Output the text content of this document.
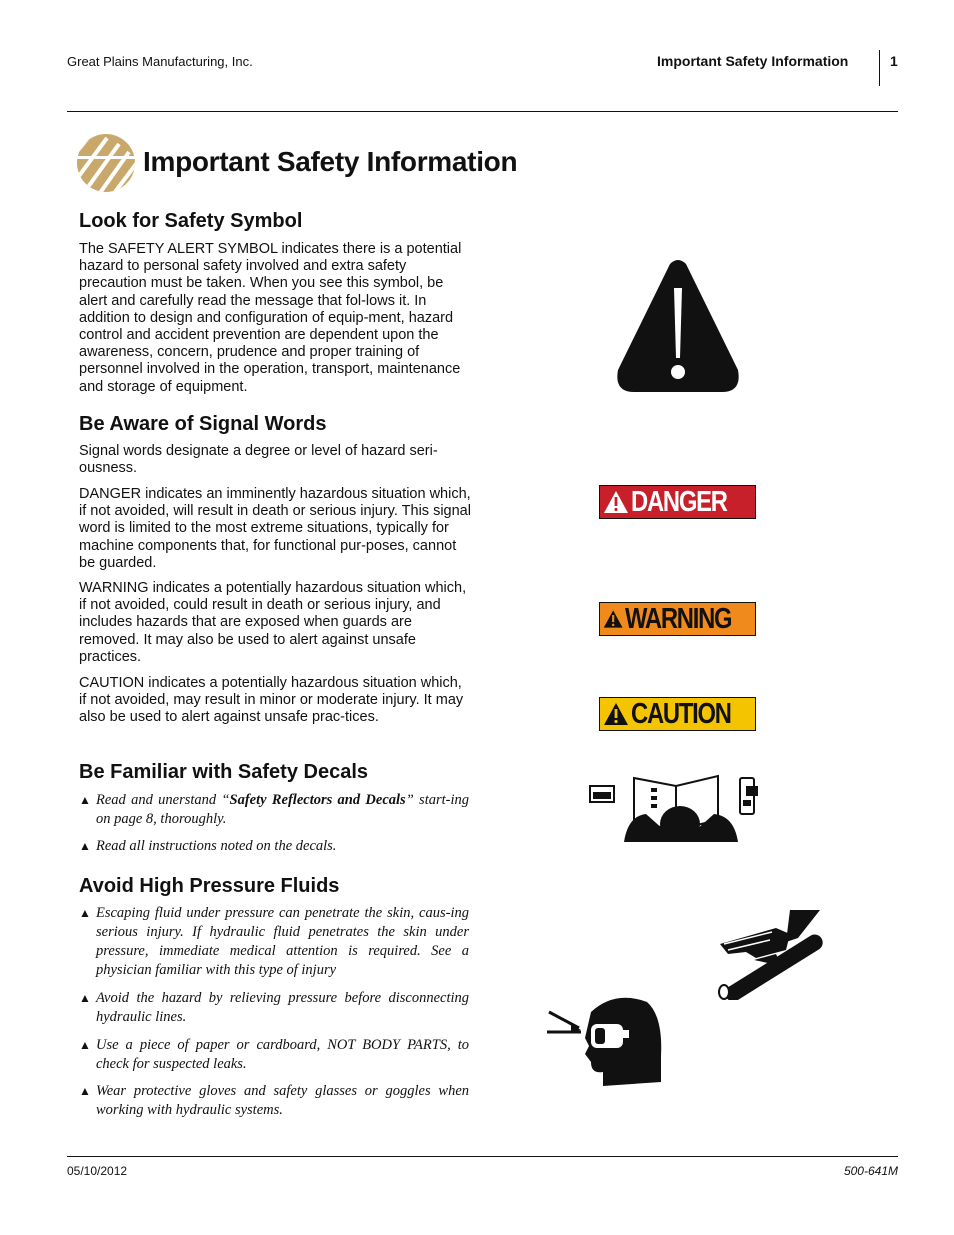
Great Plains Manufacturing, Inc.	Important Safety Information	1
Important Safety Information
Look for Safety Symbol
The SAFETY ALERT SYMBOL indicates there is a potential hazard to personal safety involved and extra safety precaution must be taken. When you see this symbol, be alert and carefully read the message that fol-lows it. In addition to design and configuration of equip-ment, hazard control and accident prevention are dependent upon the awareness, concern, prudence and proper training of personnel involved in the operation, transport, maintenance and storage of equipment.
Be Aware of Signal Words
Signal words designate a degree or level of hazard seri-ousness.
DANGER indicates an imminently hazardous situation which, if not avoided, will result in death or serious injury. This signal word is limited to the most extreme situations, typically for machine components that, for functional pur-poses, cannot be guarded.
WARNING indicates a potentially hazardous situation which, if not avoided, could result in death or serious injury, and includes hazards that are exposed when guards are removed. It may also be used to alert against unsafe practices.
CAUTION indicates a potentially hazardous situation which, if not avoided, may result in minor or moderate injury. It may also be used to alert against unsafe prac-tices.
Be Familiar with Safety Decals
▲ Read and unerstand “Safety Reflectors and Decals” start-ing on page 8, thoroughly.
▲ Read all instructions noted on the decals.
Avoid High Pressure Fluids
▲ Escaping fluid under pressure can penetrate the skin, caus-ing serious injury. If hydraulic fluid penetrates the skin under pressure, immediate medical attention is required. See a physician familiar with this type of injury
▲ Avoid the hazard by relieving pressure before disconnecting hydraulic lines.
▲ Use a piece of paper or cardboard, NOT BODY PARTS, to check for suspected leaks.
▲ Wear protective gloves and safety glasses or goggles when working with hydraulic systems.
DANGER
WARNING
CAUTION
05/10/2012	500-641M
